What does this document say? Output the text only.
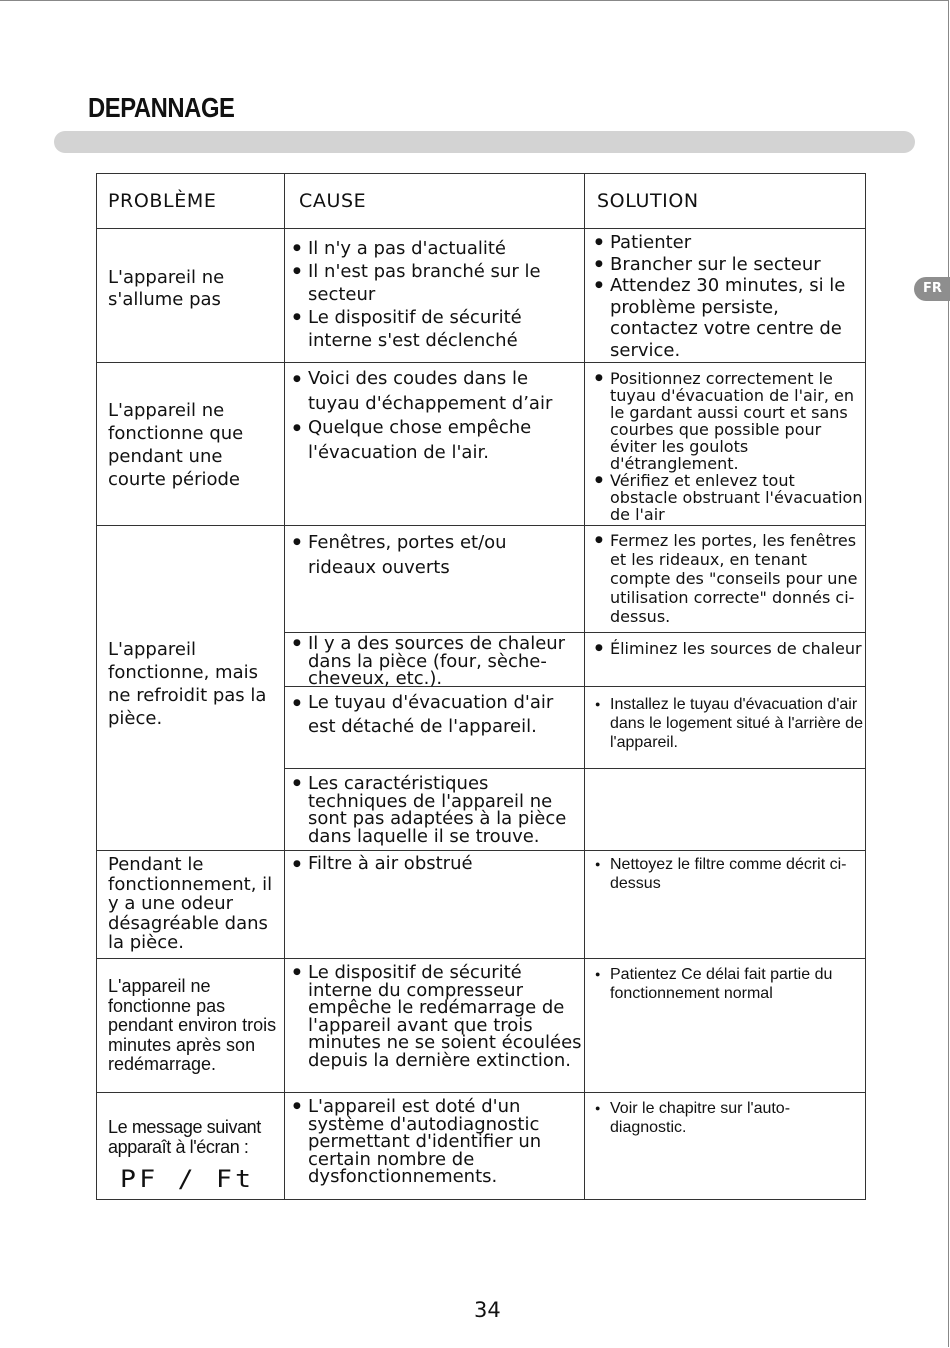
DEPANNAGE
FR
PROBLÈME	CAUSE	SOLUTION
L'appareil ne s'allume pas
● Il n'y a pas d'actualité
● Il n'est pas branché sur le secteur
● Le dispositif de sécurité interne s'est déclenché
● Patienter
● Brancher sur le secteur
● Attendez 30 minutes, si le problème persiste, contactez votre centre de service.
L'appareil ne fonctionne que pendant une courte période
● Voici des coudes dans le tuyau d'échappement d’air
● Quelque chose empêche l'évacuation de l'air.
● Positionnez correctement le tuyau d'évacuation de l'air, en le gardant aussi court et sans courbes que possible pour éviter les goulots d'étranglement.
● Vérifiez et enlevez tout obstacle obstruant l'évacuation de l'air
L'appareil fonctionne, mais ne refroidit pas la pièce.
● Fenêtres, portes et/ou rideaux ouverts
● Fermez les portes, les fenêtres et les rideaux, en tenant compte des "conseils pour une utilisation correcte" donnés ci-dessus.
● Il y a des sources de chaleur dans la pièce (four, sèche-cheveux, etc.).
● Éliminez les sources de chaleur
● Le tuyau d'évacuation d'air est détaché de l'appareil.
● Installez le tuyau d'évacuation d'air dans le logement situé à l'arrière de l'appareil.
● Les caractéristiques techniques de l'appareil ne sont pas adaptées à la pièce dans laquelle il se trouve.
Pendant le fonctionnement, il y a une odeur désagréable dans la pièce.
● Filtre à air obstrué
●	Nettoyez le filtre comme décrit ci-dessus
L'appareil ne fonctionne pas pendant environ trois minutes après son redémarrage.
● Le dispositif de sécurité interne du compresseur empêche le redémarrage de l'appareil avant que trois minutes ne se soient écoulées depuis la dernière extinction.
● Patientez Ce délai fait partie du fonctionnement normal
Le message suivant apparaît à l'écran :
PF / Ft
● L'appareil est doté d'un système d'autodiagnostic permettant d'identifier un certain nombre de dysfonctionnements.
● Voir le chapitre sur l'auto-diagnostic.
34
